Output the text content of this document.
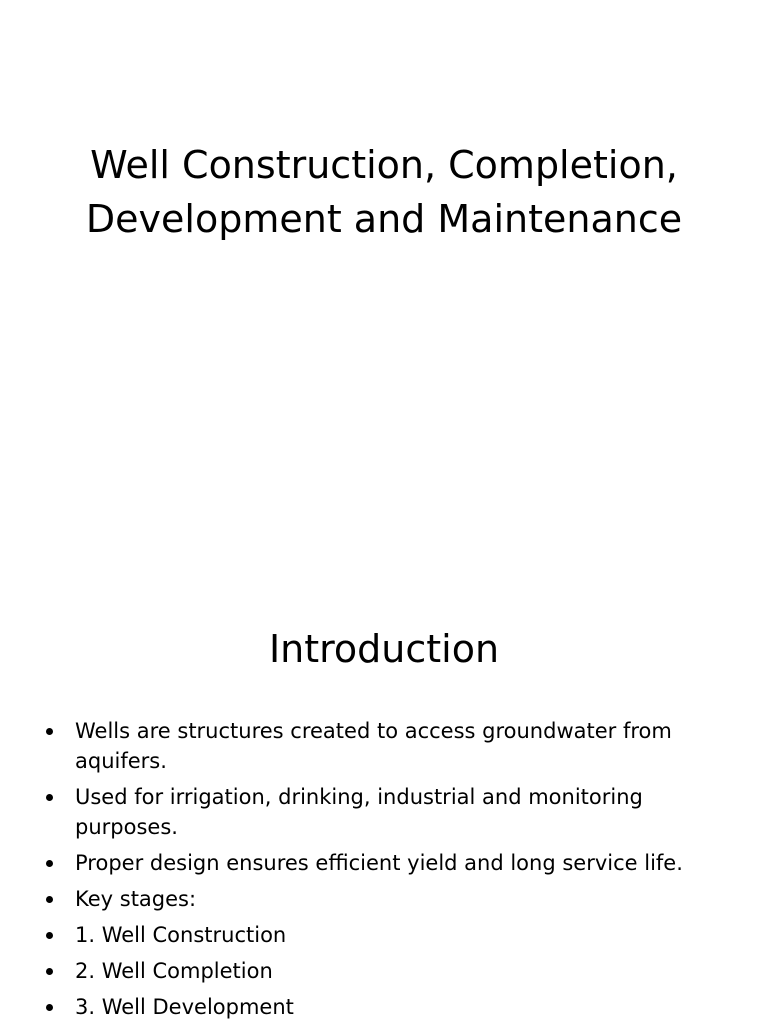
Well Construction, Completion,
Development and Maintenance
Introduction
Wells are structures created to access groundwater from aquifers.
Used for irrigation, drinking, industrial and monitoring purposes.
Proper design ensures efficient yield and long service life.
Key stages:
1. Well Construction
2. Well Completion
3. Well Development
